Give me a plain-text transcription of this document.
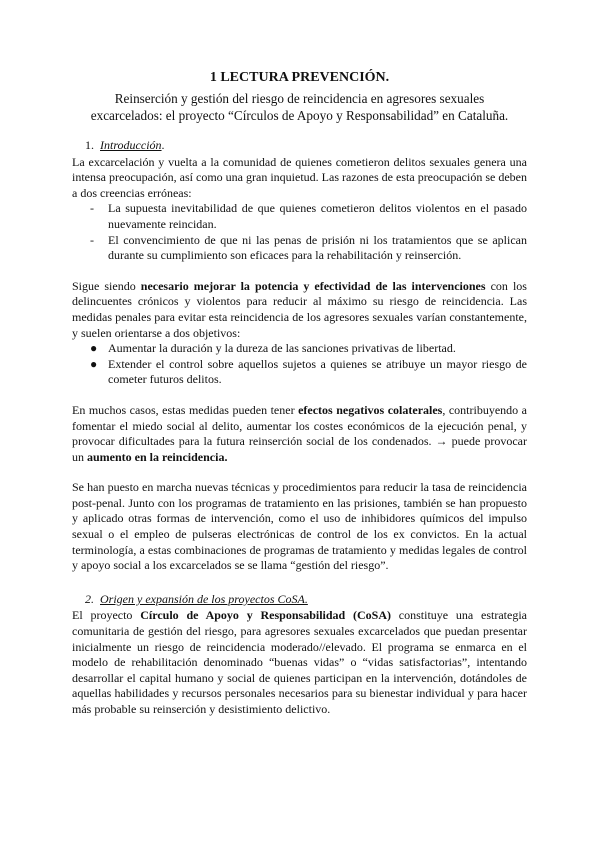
1 LECTURA PREVENCIÓN.
Reinserción y gestión del riesgo de reincidencia en agresores sexuales
excarcelados: el proyecto “Círculos de Apoyo y Responsabilidad” en Cataluña.
1. Introducción.

La excarcelación y vuelta a la comunidad de quienes cometieron delitos sexuales genera una intensa preocupación, así como una gran inquietud. Las razones de esta preocupación se deben a dos creencias erróneas:

- La supuesta inevitabilidad de que quienes cometieron delitos violentos en el pasado nuevamente reincidan.
- El convencimiento de que ni las penas de prisión ni los tratamientos que se aplican durante su cumplimiento son eficaces para la rehabilitación y reinserción.

Sigue siendo necesario mejorar la potencia y efectividad de las intervenciones con los delincuentes crónicos y violentos para reducir al máximo su riesgo de reincidencia. Las medidas penales para evitar esta reincidencia de los agresores sexuales varían constantemente, y suelen orientarse a dos objetivos:

● Aumentar la duración y la dureza de las sanciones privativas de libertad.
● Extender el control sobre aquellos sujetos a quienes se atribuye un mayor riesgo de cometer futuros delitos.

En muchos casos, estas medidas pueden tener efectos negativos colaterales, contribuyendo a fomentar el miedo social al delito, aumentar los costes económicos de la ejecución penal, y provocar dificultades para la futura reinserción social de los condenados. → puede provocar un aumento en la reincidencia.

Se han puesto en marcha nuevas técnicas y procedimientos para reducir la tasa de reincidencia post-penal. Junto con los programas de tratamiento en las prisiones, también se han propuesto y aplicado otras formas de intervención, como el uso de inhibidores químicos del impulso sexual o el empleo de pulseras electrónicas de control de los ex convictos. En la actual terminología, a estas combinaciones de programas de tratamiento y medidas legales de control y apoyo social a los excarcelados se se llama “gestión del riesgo”.

2. Origen y expansión de los proyectos CoSA.

El proyecto Círculo de Apoyo y Responsabilidad (CoSA) constituye una estrategia comunitaria de gestión del riesgo, para agresores sexuales excarcelados que puedan presentar inicialmente un riesgo de reincidencia moderado//elevado. El programa se enmarca en el modelo de rehabilitación denominado “buenas vidas” o “vidas satisfactorias”, intentando desarrollar el capital humano y social de quienes participan en la intervención, dotándoles de aquellas habilidades y recursos personales necesarios para su bienestar individual y para hacer más probable su reinserción y desistimiento delictivo.
